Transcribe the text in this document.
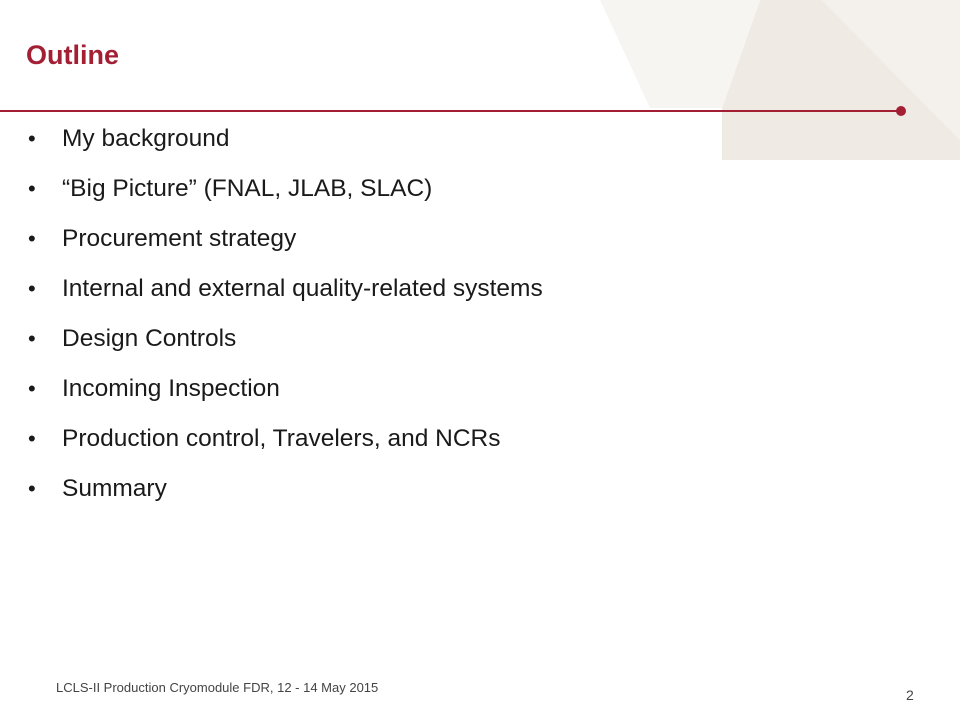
Outline
•	My background
•	“Big Picture” (FNAL, JLAB, SLAC)
•	Procurement strategy
•	Internal and external quality-related systems
•	Design Controls
•	Incoming Inspection
•	Production control, Travelers, and NCRs
•	Summary
LCLS-II Production Cryomodule FDR, 12 - 14 May 2015	2
